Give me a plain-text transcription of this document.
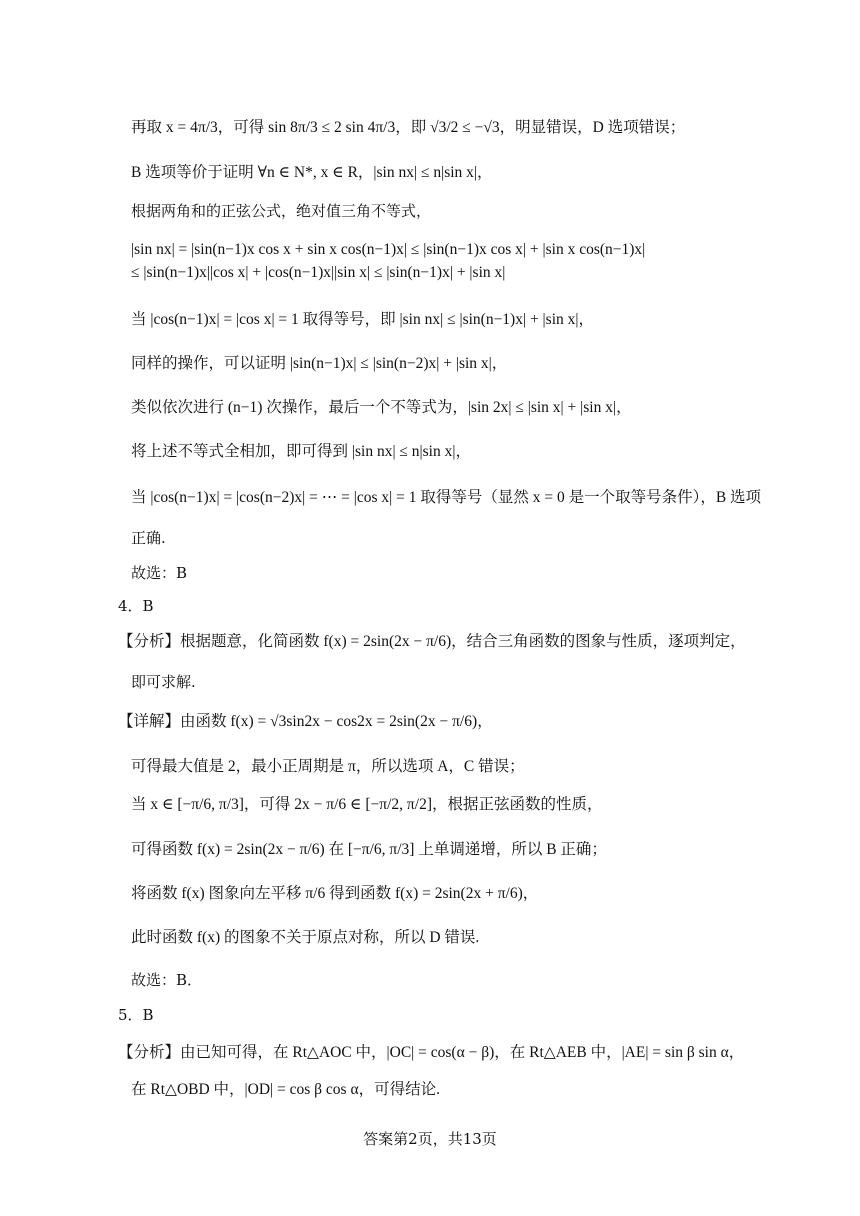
再取 x = 4π/3，可得 sin 8π/3 ≤ 2 sin 4π/3，即 √3/2 ≤ −√3，明显错误，D 选项错误；
B 选项等价于证明 ∀n ∈ N*, x ∈ R，|sin nx| ≤ n|sin x|，
根据两角和的正弦公式，绝对值三角不等式，
|sin nx| = |sin(n−1)x cos x + sin x cos(n−1)x| ≤ |sin(n−1)x cos x| + |sin x cos(n−1)x|
≤ |sin(n−1)x||cos x| + |cos(n−1)x||sin x| ≤ |sin(n−1)x| + |sin x|
当 |cos(n−1)x| = |cos x| = 1 取得等号，即 |sin nx| ≤ |sin(n−1)x| + |sin x|，
同样的操作，可以证明 |sin(n−1)x| ≤ |sin(n−2)x| + |sin x|，
类似依次进行 (n−1) 次操作，最后一个不等式为，|sin 2x| ≤ |sin x| + |sin x|，
将上述不等式全相加，即可得到 |sin nx| ≤ n|sin x|，
当 |cos(n−1)x| = |cos(n−2)x| = ⋯ = |cos x| = 1 取得等号（显然 x = 0 是一个取等号条件），B 选项
正确.
故选：B
4．B
【分析】根据题意，化简函数 f(x) = 2sin(2x − π/6)，结合三角函数的图象与性质，逐项判定，
即可求解.
【详解】由函数 f(x) = √3sin2x − cos2x = 2sin(2x − π/6)，
可得最大值是 2，最小正周期是 π，所以选项 A，C 错误；
当 x ∈ [−π/6, π/3]，可得 2x − π/6 ∈ [−π/2, π/2]，根据正弦函数的性质，
可得函数 f(x) = 2sin(2x − π/6) 在 [−π/6, π/3] 上单调递增，所以 B 正确；
将函数 f(x) 图象向左平移 π/6 得到函数 f(x) = 2sin(2x + π/6)，
此时函数 f(x) 的图象不关于原点对称，所以 D 错误.
故选：B．
5．B
【分析】由已知可得，在 Rt△AOC 中，|OC| = cos(α − β)，在 Rt△AEB 中，|AE| = sin β sin α，
在 Rt△OBD 中，|OD| = cos β cos α，可得结论.
答案第2页，共13页
